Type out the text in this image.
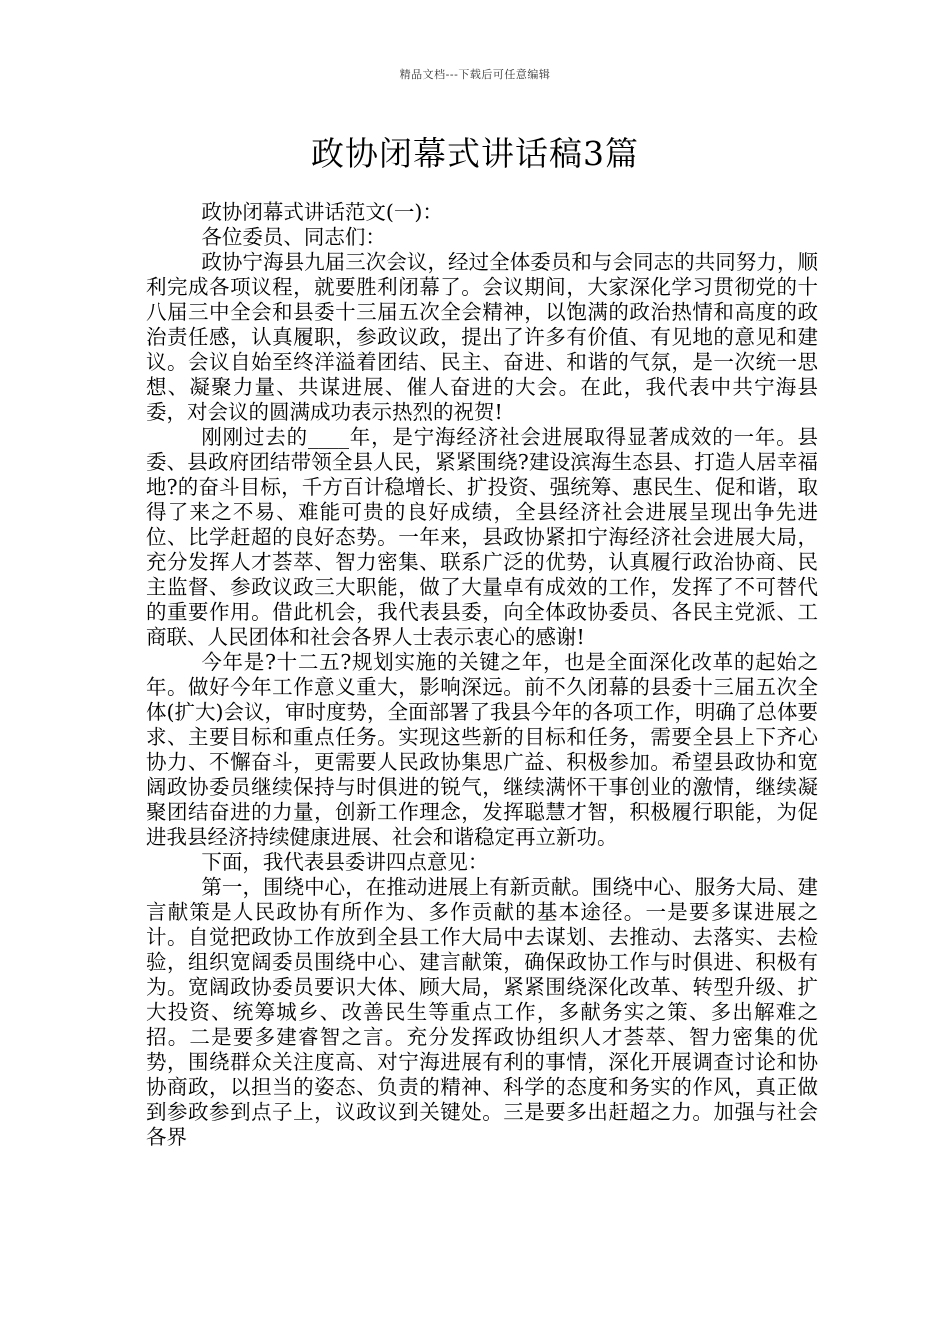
精品文档---下载后可任意编辑
政协闭幕式讲话稿3篇

政协闭幕式讲话范文(一)：

各位委员、同志们：

政协宁海县九届三次会议，经过全体委员和与会同志的共同努力，顺利完成各项议程，就要胜利闭幕了。会议期间，大家深化学习贯彻党的十八届三中全会和县委十三届五次全会精神，以饱满的政治热情和高度的政治责任感，认真履职，参政议政，提出了许多有价值、有见地的意见和建议。会议自始至终洋溢着团结、民主、奋进、和谐的气氛，是一次统一思想、凝聚力量、共谋进展、催人奋进的大会。在此，我代表中共宁海县委，对会议的圆满成功表示热烈的祝贺!

刚刚过去的____年，是宁海经济社会进展取得显著成效的一年。县委、县政府团结带领全县人民，紧紧围绕?建设滨海生态县、打造人居幸福地?的奋斗目标，千方百计稳增长、扩投资、强统筹、惠民生、促和谐，取得了来之不易、难能可贵的良好成绩，全县经济社会进展呈现出争先进位、比学赶超的良好态势。一年来，县政协紧扣宁海经济社会进展大局，充分发挥人才荟萃、智力密集、联系广泛的优势，认真履行政治协商、民主监督、参政议政三大职能，做了大量卓有成效的工作，发挥了不可替代的重要作用。借此机会，我代表县委，向全体政协委员、各民主党派、工商联、人民团体和社会各界人士表示衷心的感谢!

今年是?十二五?规划实施的关键之年，也是全面深化改革的起始之年。做好今年工作意义重大，影响深远。前不久闭幕的县委十三届五次全体(扩大)会议，审时度势，全面部署了我县今年的各项工作，明确了总体要求、主要目标和重点任务。实现这些新的目标和任务，需要全县上下齐心协力、不懈奋斗，更需要人民政协集思广益、积极参加。希望县政协和宽阔政协委员继续保持与时俱进的锐气，继续满怀干事创业的激情，继续凝聚团结奋进的力量，创新工作理念，发挥聪慧才智，积极履行职能，为促进我县经济持续健康进展、社会和谐稳定再立新功。

下面，我代表县委讲四点意见：

第一，围绕中心，在推动进展上有新贡献。围绕中心、服务大局、建言献策是人民政协有所作为、多作贡献的基本途径。一是要多谋进展之计。自觉把政协工作放到全县工作大局中去谋划、去推动、去落实、去检验，组织宽阔委员围绕中心、建言献策，确保政协工作与时俱进、积极有为。宽阔政协委员要识大体、顾大局，紧紧围绕深化改革、转型升级、扩大投资、统筹城乡、改善民生等重点工作，多献务实之策、多出解难之招。二是要多建睿智之言。充分发挥政协组织人才荟萃、智力密集的优势，围绕群众关注度高、对宁海进展有利的事情，深化开展调查讨论和协协商政，以担当的姿态、负责的精神、科学的态度和务实的作风，真正做到参政参到点子上，议政议到关键处。三是要多出赶超之力。加强与社会各界
